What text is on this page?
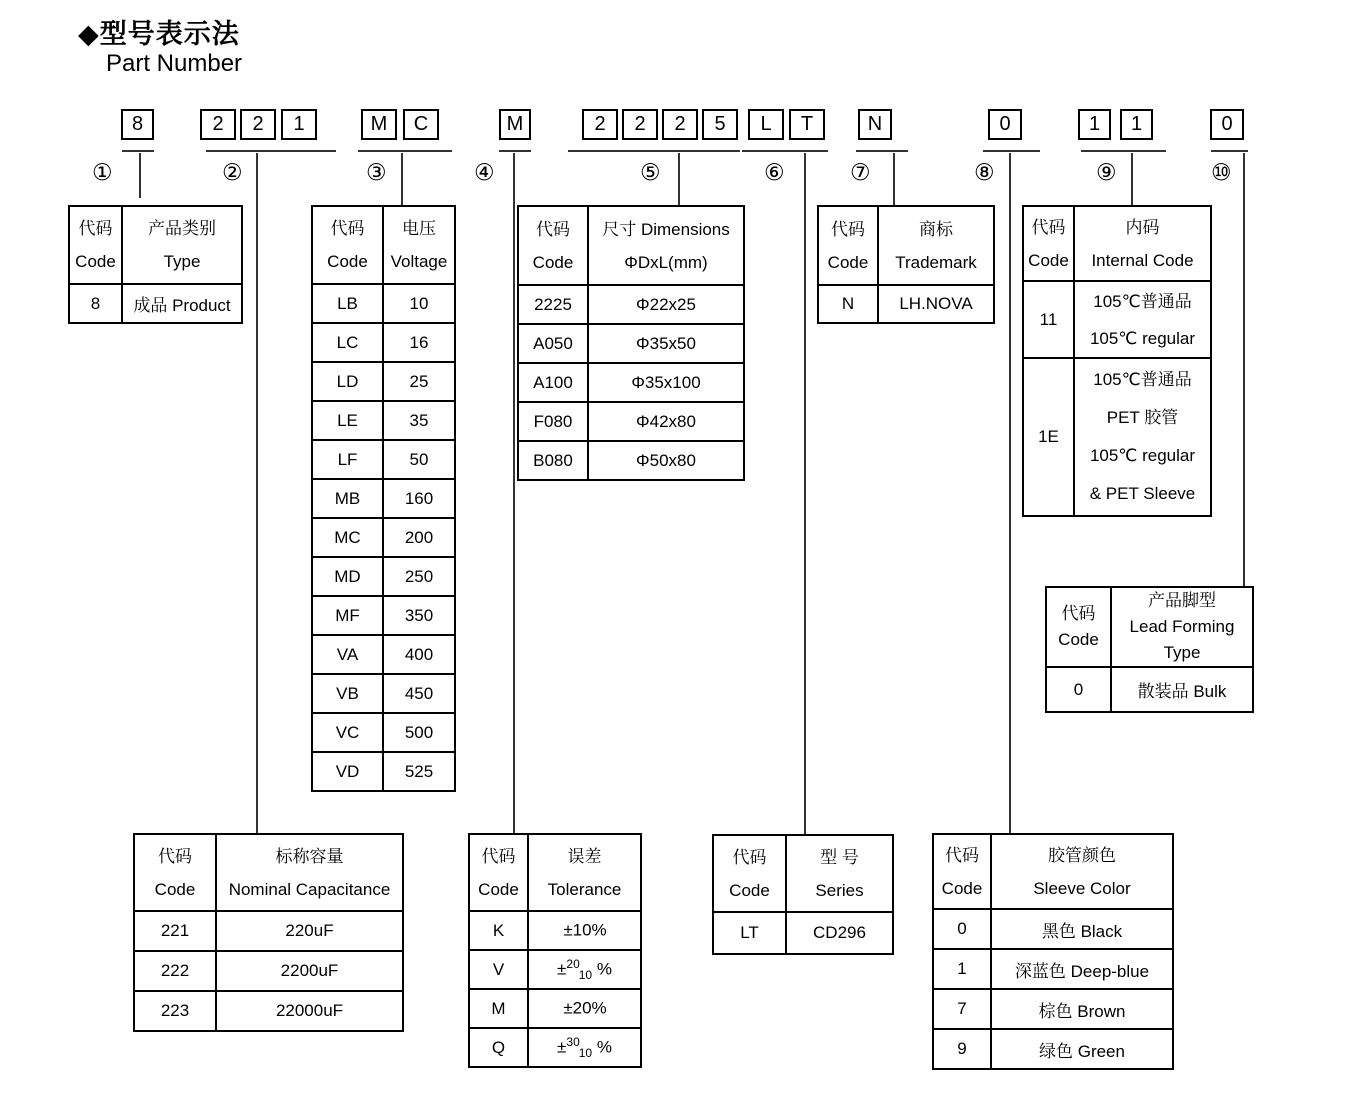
◆型号表示法
Part Number
8	2	2	1	M	C	M	2	2	2	5	L	T	N	0	1	1	0
①	②	③	④	⑤	⑥	⑦	⑧	⑨	⑩
代码
Code

产品类别
Type

8	成品 Product
代码
Code

电压
Voltage

LB	10
LC	16
LD	25
LE	35
LF	50
MB	160
MC	200
MD	250
MF	350
VA	400
VB	450
VC	500
VD	525
代码
Code

尺寸 Dimensions
ΦDxL(mm)

2225	Φ22x25
A050	Φ35x50
A100	Φ35x100
F080	Φ42x80
B080	Φ50x80
代码
Code

商标
Trademark

N	LH.NOVA
代码
Code

内码
Internal Code

11	105℃普通品
105℃ regular

1E	105℃普通品
PET 胶管
105℃ regular
& PET Sleeve
代码
Code

产品脚型
Lead Forming
Type

0	散装品 Bulk
代码
Code

标称容量
Nominal Capacitance

221	220uF
222	2200uF
223	22000uF
代码
Code

误差
Tolerance

K	±10%
V	±$^{20}_{10}$ %
M	±20%
Q	±$^{30}_{10}$ %
代码
Code

型 号
Series

LT	CD296
代码
Code

胶管颜色
Sleeve Color

0	黑色 Black
1	深蓝色 Deep-blue
7	棕色 Brown
9	绿色 Green
